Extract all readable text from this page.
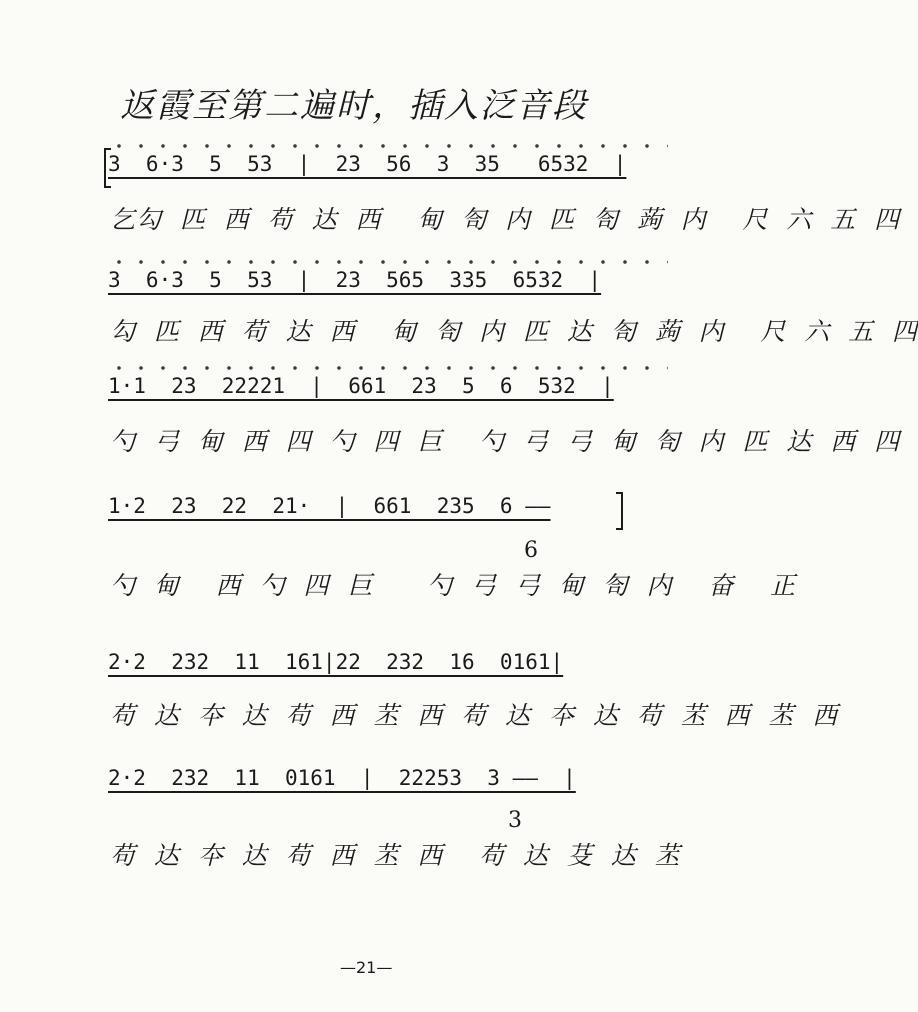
返霞至第二遍时，插入泛音段
3  6·3  5  53  |  23  56  3  35   6532  |
乞勾  匹  西  苟  达  西    甸  匌  内  匹  匌  蒟  内    尺  六  五  四
3  6·3  5  53  |  23  565  335  6532  |
勾  匹  西  苟  达  西    甸  匌  内  匹  达  匌  蒟  内    尺  六  五  四
1·1  23  22221  |  661  23  5  6  532  |
勺  弓  甸  西  四  勺  四  巨    勺  弓  弓  甸  匌  内  匹  达  西  四
1·2  23  22  21·  |  661  235  6 ——
6
勺  甸    西  勺  四  巨      勺  弓  弓  甸  匌  内    奋    正
2·2  232  11  161|22  232  16  0161|
苟  达  夲  达  苟  西  苤  西  苟  达  夲  达  苟  苤  西  苤  西
2·2  232  11  0161  |  22253  3 ——  |
3
苟  达  夲  达  苟  西  苤  西    苟  达  芟  达  苤
—21—
